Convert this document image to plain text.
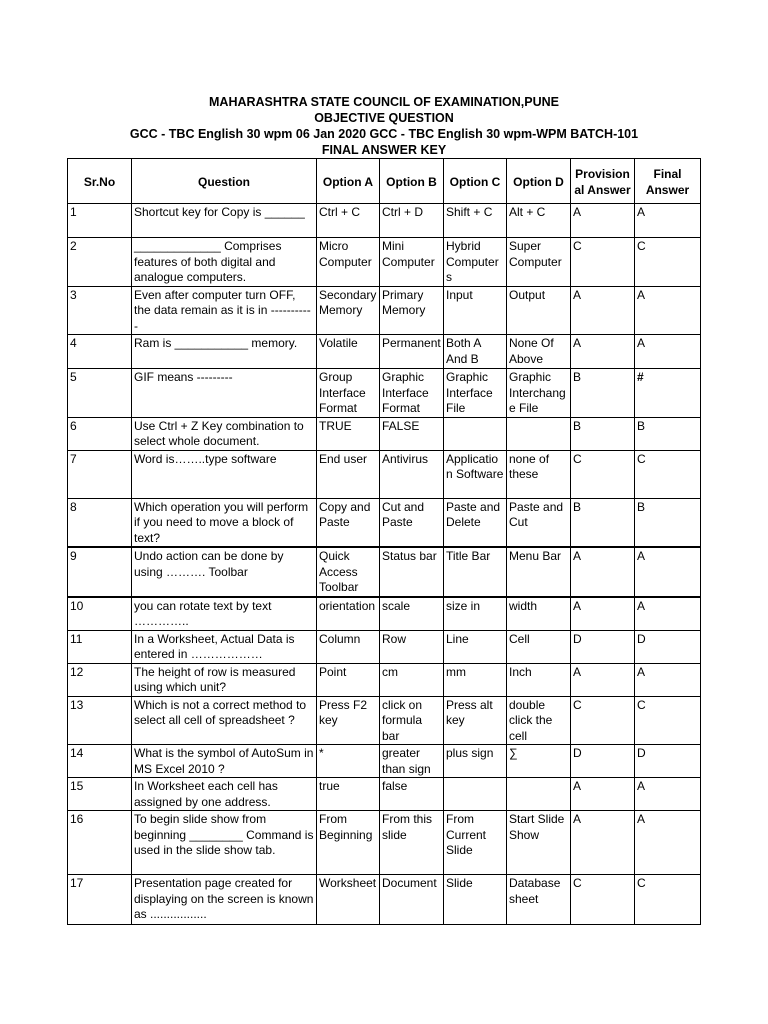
MAHARASHTRA STATE COUNCIL OF EXAMINATION,PUNE
OBJECTIVE QUESTION
GCC - TBC English 30 wpm 06 Jan 2020 GCC - TBC English 30 wpm-WPM BATCH-101
FINAL ANSWER KEY
Sr.No	Question	Option A	Option B	Option C	Option D	Provisional Answer	Final Answer
1	Shortcut key for Copy is ______	Ctrl + C	Ctrl + D	Shift + C	Alt + C	A	A
2	_____________ Comprises features of both digital and analogue computers.	Micro Computer	Mini Computer	Hybrid Computers	Super Computer	C	C
3	Even after computer turn OFF, the data remain as it is in -----------	Secondary Memory	Primary Memory	Input	Output	A	A
4	Ram is ___________ memory.	Volatile	Permanent	Both A And B	None Of Above	A	A
5	GIF means ---------	Group Interface Format	Graphic Interface Format	Graphic Interface File	Graphic Interchange File	B	#
6	Use Ctrl + Z Key combination to select whole document.	TRUE	FALSE			B	B
7	Word is……..type software	End user	Antivirus	Application Software	none of these	C	C
8	Which operation you will perform if you need to move a block of text?	Copy and Paste	Cut and Paste	Paste and Delete	Paste and Cut	B	B
9	Undo action can be done by using ………. Toolbar	Quick Access Toolbar	Status bar	Title Bar	Menu Bar	A	A
10	you can rotate text by text …………..	orientation	scale	size in	width	A	A
11	In a Worksheet, Actual Data is entered in ………………	Column	Row	Line	Cell	D	D
12	The height of row is measured using which unit?	Point	cm	mm	Inch	A	A
13	Which is not a correct method to select all cell of spreadsheet ?	Press F2 key	click on formula bar	Press alt key	double click the cell	C	C
14	What is the symbol of AutoSum in MS Excel 2010 ?	*	greater than sign	plus sign	∑	D	D
15	In Worksheet each cell has assigned by one address.	true	false			A	A
16	To begin slide show from beginning ________ Command is used in the slide show tab.	From Beginning	From this slide	From Current Slide	Start Slide Show	A	A
17	Presentation page created for displaying on the screen is known as .................	Worksheet	Document	Slide	Database sheet	C	C
